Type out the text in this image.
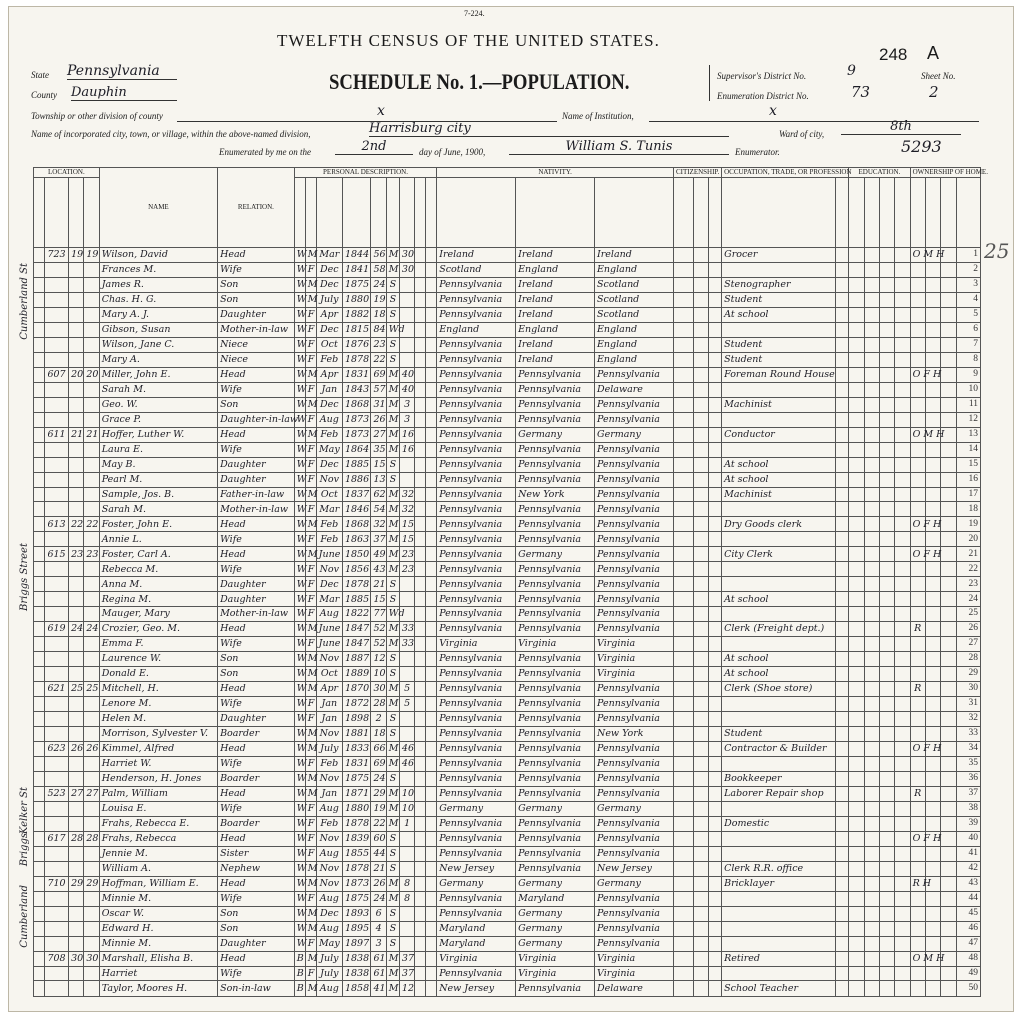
7-224.
TWELFTH CENSUS OF THE UNITED STATES.
248 A
State Pennsylvania
County Dauphin	SCHEDULE No. 1.—POPULATION.	Supervisor's District No.	9
Enumeration District No.	73
Sheet No.
2
Township or other division of county	x	Name of Institution,	x
Name of incorporated city, town, or village, within the above-named division,	Harrisburg city	Ward of city,	8th
Enumerated by me on the	2nd	day of June, 1900,	William S. Tunis	Enumerator.	5293
25
Cumberland St
Briggs Street
Kelker St
Briggs
Cumberland
LOCATION.				NAME	RELATION.	PERSONAL DESCRIPTION.									NATIVITY.			CITIZENSHIP.			OCCUPATION, TRADE, OR PROFESSION		EDUCATION.				OWNERSHIP OF HOME.			

	723	19	19	Wilson, David	Head	W	M	Mar	1844	56	M	30			Ireland	Ireland	Ireland				Grocer						O M H			1
				Frances M.	Wife	W	F	Dec	1841	58	M	30			Scotland	England	England													2
				James R.	Son	W	M	Dec	1875	24	S				Pennsylvania	Ireland	Scotland				Stenographer									3
				Chas. H. G.	Son	W	M	July	1880	19	S				Pennsylvania	Ireland	Scotland				Student									4
				Mary A. J.	Daughter	W	F	Apr	1882	18	S				Pennsylvania	Ireland	Scotland				At school									5
				Gibson, Susan	Mother-in-law	W	F	Dec	1815	84	Wd				England	England	England													6
				Wilson, Jane C.	Niece	W	F	Oct	1876	23	S				Pennsylvania	Ireland	England				Student									7
				Mary A.	Niece	W	F	Feb	1878	22	S				Pennsylvania	Ireland	England				Student									8
	607	20	20	Miller, John E.	Head	W	M	Apr	1831	69	M	40			Pennsylvania	Pennsylvania	Pennsylvania				Foreman Round House						O F H			9
				Sarah M.	Wife	W	F	Jan	1843	57	M	40			Pennsylvania	Pennsylvania	Delaware													10
				Geo. W.	Son	W	M	Dec	1868	31	M	3			Pennsylvania	Pennsylvania	Pennsylvania				Machinist									11
				Grace P.	Daughter-in-law	W	F	Aug	1873	26	M	3			Pennsylvania	Pennsylvania	Pennsylvania													12
	611	21	21	Hoffer, Luther W.	Head	W	M	Feb	1873	27	M	16			Pennsylvania	Germany	Germany				Conductor						O M H			13
				Laura E.	Wife	W	F	May	1864	35	M	16			Pennsylvania	Pennsylvania	Pennsylvania													14
				May B.	Daughter	W	F	Dec	1885	15	S				Pennsylvania	Pennsylvania	Pennsylvania				At school									15
				Pearl M.	Daughter	W	F	Nov	1886	13	S				Pennsylvania	Pennsylvania	Pennsylvania				At school									16
				Sample, Jos. B.	Father-in-law	W	M	Oct	1837	62	M	32			Pennsylvania	New York	Pennsylvania				Machinist									17
				Sarah M.	Mother-in-law	W	F	Mar	1846	54	M	32			Pennsylvania	Pennsylvania	Pennsylvania													18
	613	22	22	Foster, John E.	Head	W	M	Feb	1868	32	M	15			Pennsylvania	Pennsylvania	Pennsylvania				Dry Goods clerk						O F H			19
				Annie L.	Wife	W	F	Feb	1863	37	M	15			Pennsylvania	Pennsylvania	Pennsylvania													20
	615	23	23	Foster, Carl A.	Head	W	M	June	1850	49	M	23			Pennsylvania	Germany	Pennsylvania				City Clerk						O F H			21
				Rebecca M.	Wife	W	F	Nov	1856	43	M	23			Pennsylvania	Pennsylvania	Pennsylvania													22
				Anna M.	Daughter	W	F	Dec	1878	21	S				Pennsylvania	Pennsylvania	Pennsylvania													23
				Regina M.	Daughter	W	F	Mar	1885	15	S				Pennsylvania	Pennsylvania	Pennsylvania				At school									24
				Mauger, Mary	Mother-in-law	W	F	Aug	1822	77	Wd				Pennsylvania	Pennsylvania	Pennsylvania													25
	619	24	24	Crozier, Geo. M.	Head	W	M	June	1847	52	M	33			Pennsylvania	Pennsylvania	Pennsylvania				Clerk (Freight dept.)						R			26
				Emma F.	Wife	W	F	June	1847	52	M	33			Virginia	Virginia	Virginia													27
				Laurence W.	Son	W	M	Nov	1887	12	S				Pennsylvania	Pennsylvania	Virginia				At school									28
				Donald E.	Son	W	M	Oct	1889	10	S				Pennsylvania	Pennsylvania	Virginia				At school									29
	621	25	25	Mitchell, H.	Head	W	M	Apr	1870	30	M	5			Pennsylvania	Pennsylvania	Pennsylvania				Clerk (Shoe store)						R			30
				Lenore M.	Wife	W	F	Jan	1872	28	M	5			Pennsylvania	Pennsylvania	Pennsylvania													31
				Helen M.	Daughter	W	F	Jan	1898	2	S				Pennsylvania	Pennsylvania	Pennsylvania													32
				Morrison, Sylvester V.	Boarder	W	M	Nov	1881	18	S				Pennsylvania	Pennsylvania	New York				Student									33
	623	26	26	Kimmel, Alfred	Head	W	M	July	1833	66	M	46			Pennsylvania	Pennsylvania	Pennsylvania				Contractor & Builder						O F H			34
				Harriet W.	Wife	W	F	Feb	1831	69	M	46			Pennsylvania	Pennsylvania	Pennsylvania													35
				Henderson, H. Jones	Boarder	W	M	Nov	1875	24	S				Pennsylvania	Pennsylvania	Pennsylvania				Bookkeeper									36
	523	27	27	Palm, William	Head	W	M	Jan	1871	29	M	10			Pennsylvania	Pennsylvania	Pennsylvania				Laborer Repair shop						R			37
				Louisa E.	Wife	W	F	Aug	1880	19	M	10			Germany	Germany	Germany													38
				Frahs, Rebecca E.	Boarder	W	F	Feb	1878	22	M	1			Pennsylvania	Pennsylvania	Pennsylvania				Domestic									39
	617	28	28	Frahs, Rebecca	Head	W	F	Nov	1839	60	S				Pennsylvania	Pennsylvania	Pennsylvania										O F H			40
				Jennie M.	Sister	W	F	Aug	1855	44	S				Pennsylvania	Pennsylvania	Pennsylvania													41
				William A.	Nephew	W	M	Nov	1878	21	S				New Jersey	Pennsylvania	New Jersey				Clerk R.R. office									42
	710	29	29	Hoffman, William E.	Head	W	M	Nov	1873	26	M	8			Germany	Germany	Germany				Bricklayer						R H			43
				Minnie M.	Wife	W	F	Aug	1875	24	M	8			Pennsylvania	Maryland	Pennsylvania													44
				Oscar W.	Son	W	M	Dec	1893	6	S				Pennsylvania	Germany	Pennsylvania													45
				Edward H.	Son	W	M	Aug	1895	4	S				Maryland	Germany	Pennsylvania													46
				Minnie M.	Daughter	W	F	May	1897	3	S				Maryland	Germany	Pennsylvania													47
	708	30	30	Marshall, Elisha B.	Head	B	M	July	1838	61	M	37			Virginia	Virginia	Virginia				Retired						O M H			48
				Harriet	Wife	B	F	July	1838	61	M	37			Pennsylvania	Virginia	Virginia													49
				Taylor, Moores H.	Son-in-law	B	M	Aug	1858	41	M	12			New Jersey	Pennsylvania	Delaware				School Teacher									50
